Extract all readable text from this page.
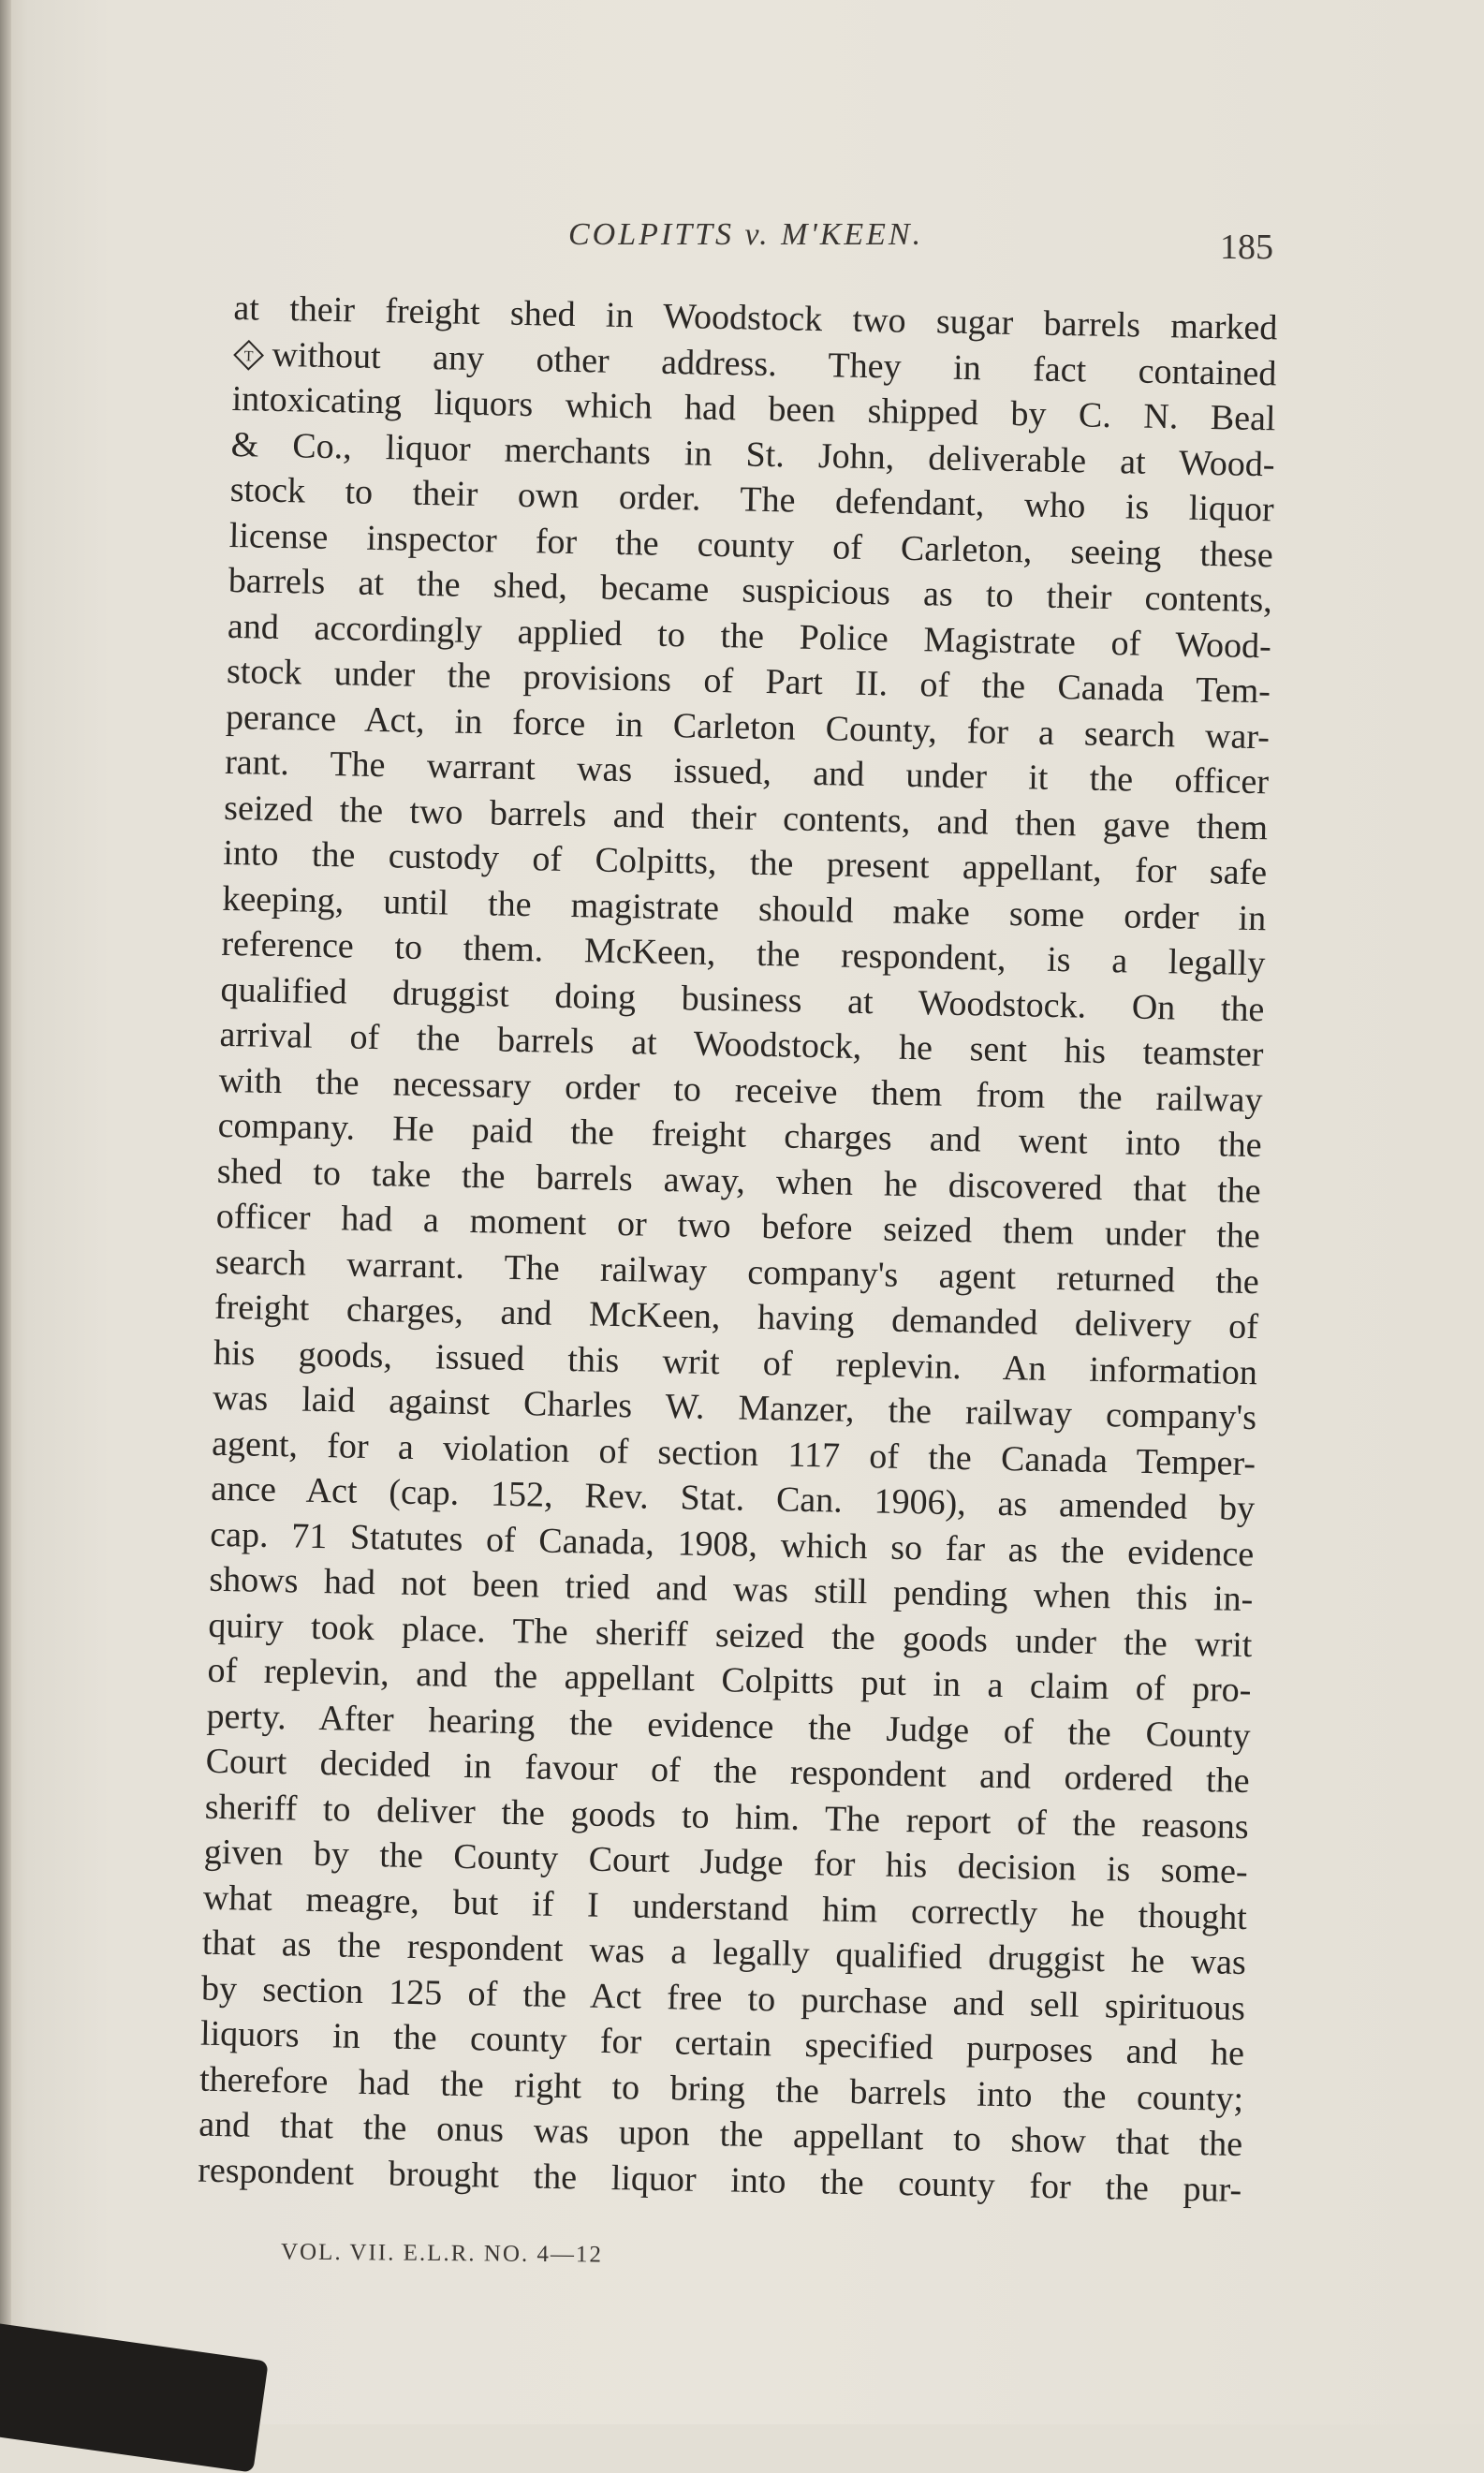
COLPITTS v. M'KEEN.	185
at their freight shed in Woodstock two sugar barrels marked
T without any other address. They in fact contained
intoxicating liquors which had been shipped by C. N. Beal
& Co., liquor merchants in St. John, deliverable at Wood-
stock to their own order. The defendant, who is liquor
license inspector for the county of Carleton, seeing these
barrels at the shed, became suspicious as to their contents,
and accordingly applied to the Police Magistrate of Wood-
stock under the provisions of Part II. of the Canada Tem-
perance Act, in force in Carleton County, for a search war-
rant. The warrant was issued, and under it the officer
seized the two barrels and their contents, and then gave them
into the custody of Colpitts, the present appellant, for safe
keeping, until the magistrate should make some order in
reference to them. McKeen, the respondent, is a legally
qualified druggist doing business at Woodstock. On the
arrival of the barrels at Woodstock, he sent his teamster
with the necessary order to receive them from the railway
company. He paid the freight charges and went into the
shed to take the barrels away, when he discovered that the
officer had a moment or two before seized them under the
search warrant. The railway company's agent returned the
freight charges, and McKeen, having demanded delivery of
his goods, issued this writ of replevin. An information
was laid against Charles W. Manzer, the railway company's
agent, for a violation of section 117 of the Canada Temper-
ance Act (cap. 152, Rev. Stat. Can. 1906), as amended by
cap. 71 Statutes of Canada, 1908, which so far as the evidence
shows had not been tried and was still pending when this in-
quiry took place. The sheriff seized the goods under the writ
of replevin, and the appellant Colpitts put in a claim of pro-
perty. After hearing the evidence the Judge of the County
Court decided in favour of the respondent and ordered the
sheriff to deliver the goods to him. The report of the reasons
given by the County Court Judge for his decision is some-
what meagre, but if I understand him correctly he thought
that as the respondent was a legally qualified druggist he was
by section 125 of the Act free to purchase and sell spirituous
liquors in the county for certain specified purposes and he
therefore had the right to bring the barrels into the county;
and that the onus was upon the appellant to show that the
respondent brought the liquor into the county for the pur-
VOL. VII. E.L.R. NO. 4—12
